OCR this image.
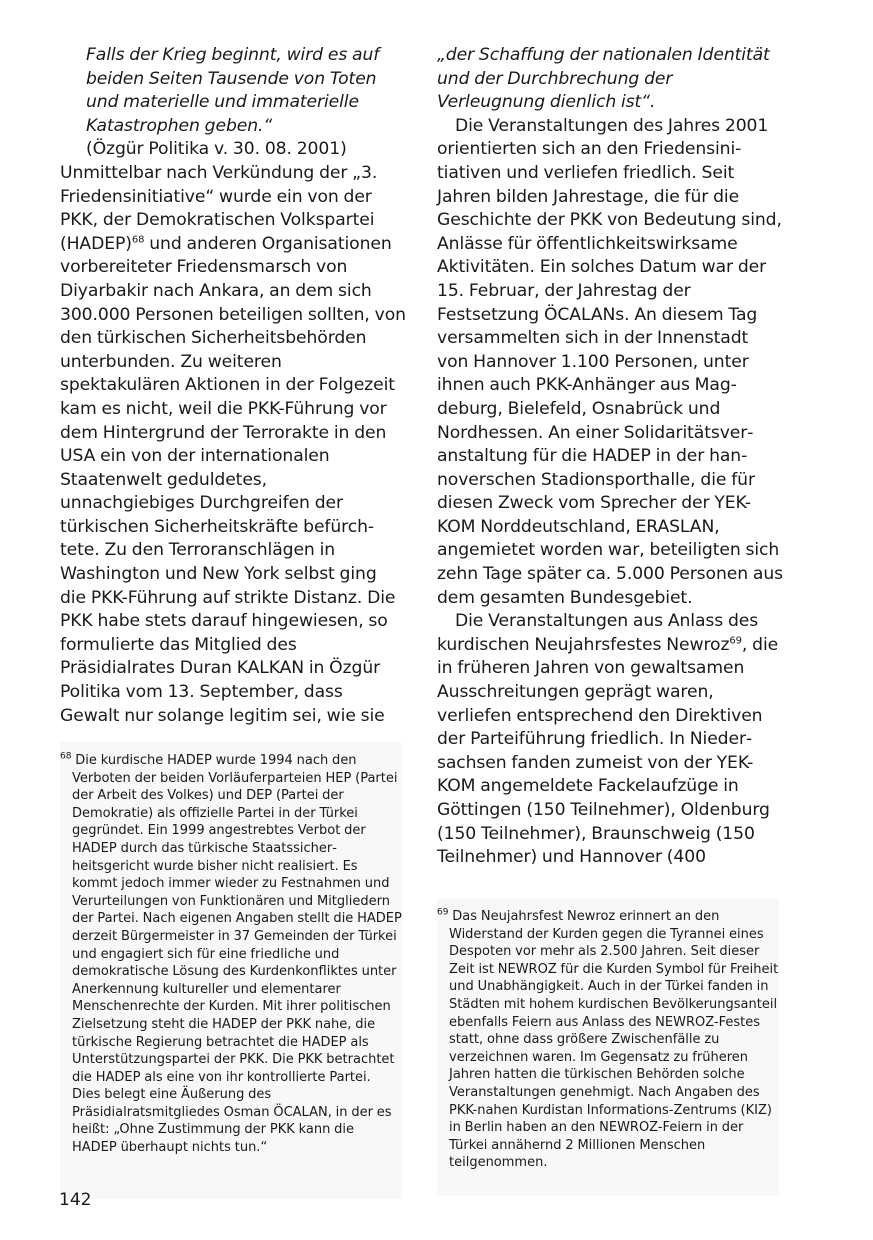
Falls der Krieg beginnt, wird es auf beiden Seiten Tausende von Toten und materielle und immaterielle Katastrophen geben.“

(Özgür Politika v. 30. 08. 2001)

Unmittelbar nach Verkündung der „3. Friedensinitiative“ wurde ein von der PKK, der Demokratischen Volkspartei (HADEP)$^{68}$ und anderen Organisationen vorbereiteter Friedensmarsch von Diyarbakir nach Ankara, an dem sich 300.000 Personen beteiligen sollten, von den türkischen Sicherheitsbehörden unterbunden. Zu weiteren spektakulären Aktionen in der Folgezeit kam es nicht, weil die PKK-Führung vor dem Hintergrund der Terrorakte in den USA ein von der internationalen Staatenwelt geduldetes, unnachgiebiges Durchgreifen der türkischen Sicherheitskräfte befürchtete. Zu den Terroranschlägen in Washington und New York selbst ging die PKK-Führung auf strikte Distanz. Die PKK habe stets darauf hingewiesen, so formulierte das Mitglied des Präsidialrates Duran KALKAN in Özgür Politika vom 13. September, dass Gewalt nur solange legitim sei, wie sie

„der Schaffung der nationalen Identität und der Durchbrechung der Verleugnung dienlich ist“.

Die Veranstaltungen des Jahres 2001 orientierten sich an den Friedensinitiativen und verliefen friedlich. Seit Jahren bilden Jahrestage, die für die Geschichte der PKK von Bedeutung sind, Anlässe für öffentlichkeitswirksame Aktivitäten. Ein solches Datum war der 15. Februar, der Jahrestag der Festsetzung ÖCALANs. An diesem Tag versammelten sich in der Innenstadt von Hannover 1.100 Personen, unter ihnen auch PKK-Anhänger aus Magdeburg, Bielefeld, Osnabrück und Nordhessen. An einer Solidaritätsveranstaltung für die HADEP in der hannoverschen Stadionsporthalle, die für diesen Zweck vom Sprecher der YEK-KOM Norddeutschland, ERASLAN, angemietet worden war, beteiligten sich zehn Tage später ca. 5.000 Personen aus dem gesamten Bundesgebiet.

Die Veranstaltungen aus Anlass des kurdischen Neujahrsfestes Newroz$^{69}$, die in früheren Jahren von gewaltsamen Ausschreitungen geprägt waren, verliefen entsprechend den Direktiven der Parteiführung friedlich. In Niedersachsen fanden zumeist von der YEK-KOM angemeldete Fackelaufzüge in Göttingen (150 Teilnehmer), Oldenburg (150 Teilnehmer), Braunschweig (150 Teilnehmer) und Hannover (400

$^{68}$ Die kurdische HADEP wurde 1994 nach den Verboten der beiden Vorläuferparteien HEP (Partei der Arbeit des Volkes) und DEP (Partei der Demokratie) als offizielle Partei in der Türkei gegründet. Ein 1999 angestrebtes Verbot der HADEP durch das türkische Staatssicherheitsgericht wurde bisher nicht realisiert. Es kommt jedoch immer wieder zu Festnahmen und Verurteilungen von Funktionären und Mitgliedern der Partei. Nach eigenen Angaben stellt die HADEP derzeit Bürgermeister in 37 Gemeinden der Türkei und engagiert sich für eine friedliche und demokratische Lösung des Kurdenkonfliktes unter Anerkennung kultureller und elementarer Menschenrechte der Kurden. Mit ihrer politischen Zielsetzung steht die HADEP der PKK nahe, die türkische Regierung betrachtet die HADEP als Unterstützungspartei der PKK. Die PKK betrachtet die HADEP als eine von ihr kontrollierte Partei. Dies belegt eine Äußerung des Präsidialratsmitgliedes Osman ÖCALAN, in der es heißt: „Ohne Zustimmung der PKK kann die HADEP überhaupt nichts tun.“

$^{69}$ Das Neujahrsfest Newroz erinnert an den Widerstand der Kurden gegen die Tyrannei eines Despoten vor mehr als 2.500 Jahren. Seit dieser Zeit ist NEWROZ für die Kurden Symbol für Freiheit und Unabhängigkeit. Auch in der Türkei fanden in Städten mit hohem kurdischen Bevölkerungsanteil ebenfalls Feiern aus Anlass des NEWROZ-Festes statt, ohne dass größere Zwischenfälle zu verzeichnen waren. Im Gegensatz zu früheren Jahren hatten die türkischen Behörden solche Veranstaltungen genehmigt. Nach Angaben des PKK-nahen Kurdistan Informations-Zentrums (KIZ) in Berlin haben an den NEWROZ-Feiern in der Türkei annähernd 2 Millionen Menschen teilgenommen.

142
